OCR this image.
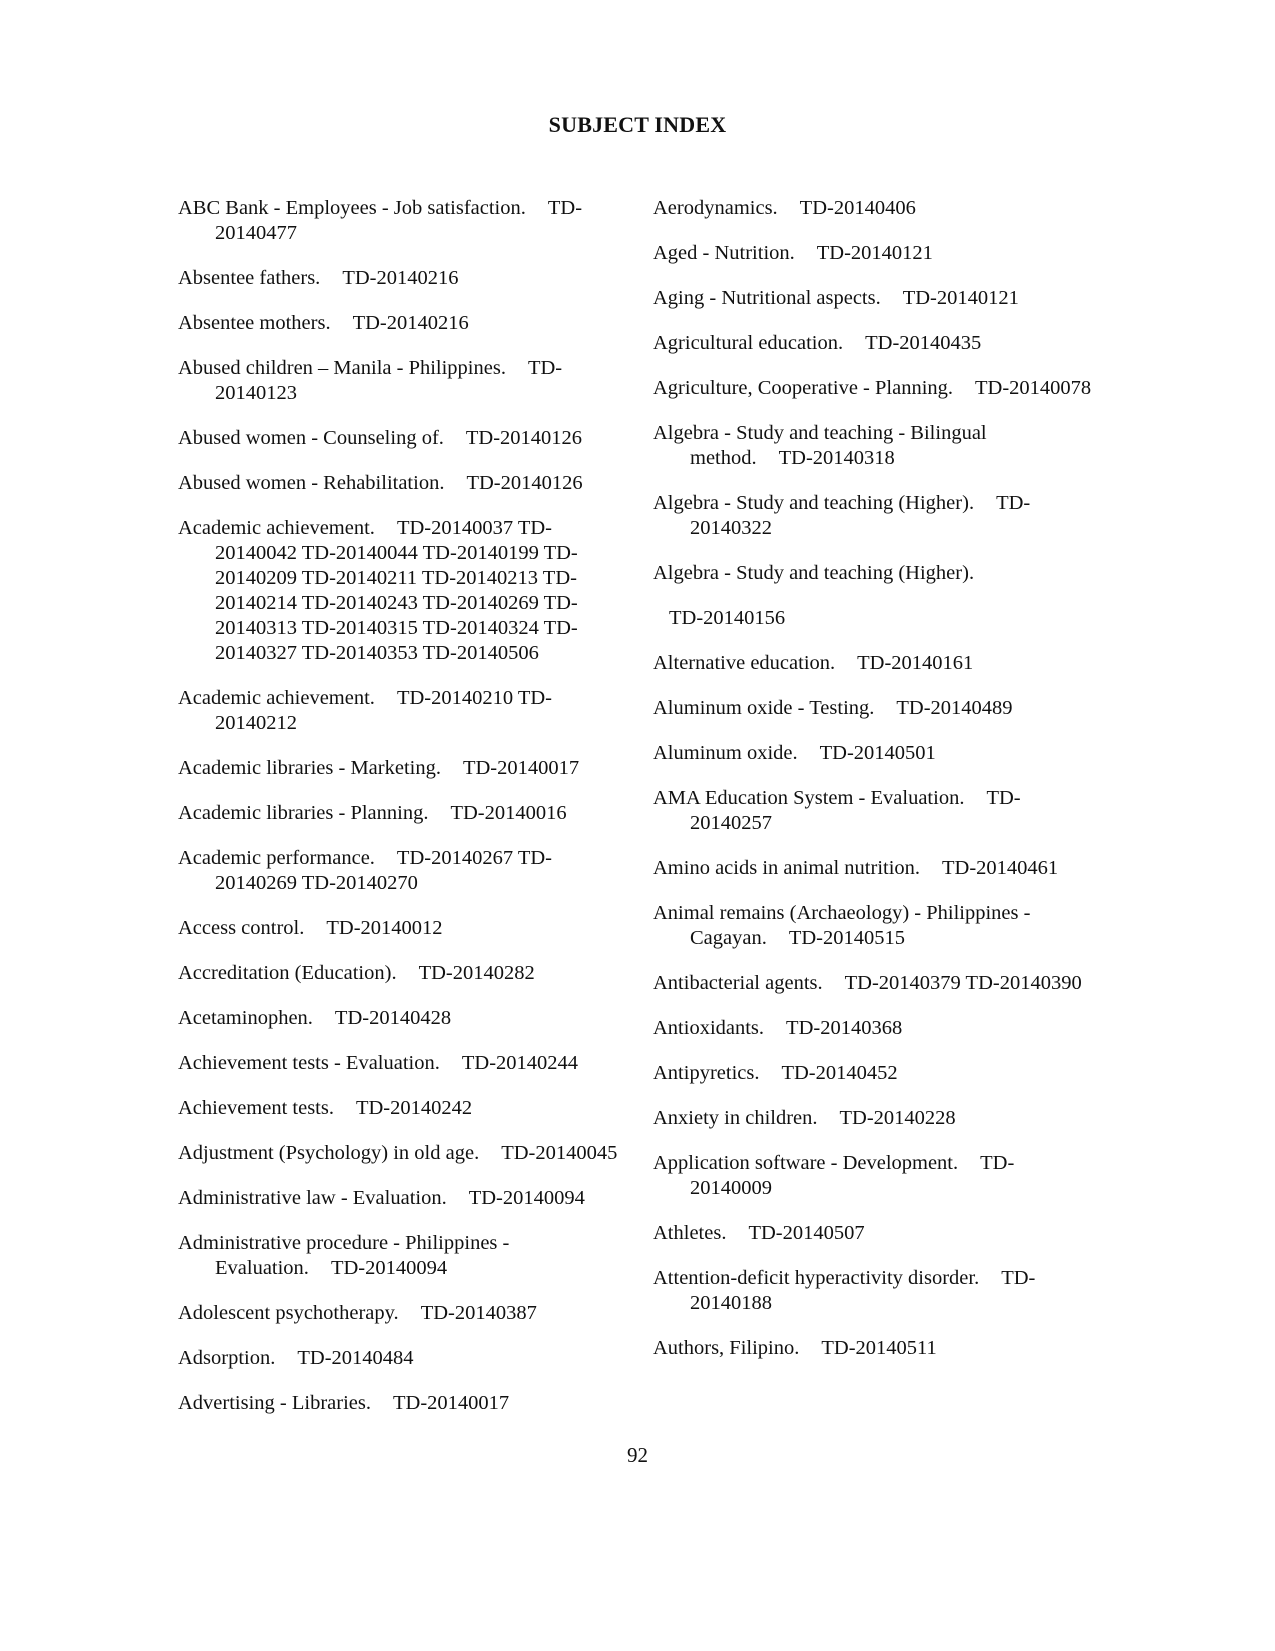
SUBJECT INDEX

ABC Bank - Employees - Job satisfaction. TD-20140477

Absentee fathers. TD-20140216

Absentee mothers. TD-20140216

Abused children – Manila - Philippines. TD-20140123

Abused women - Counseling of. TD-20140126

Abused women - Rehabilitation. TD-20140126

Academic achievement. TD-20140037 TD-20140042 TD-20140044 TD-20140199 TD-20140209 TD-20140211 TD-20140213 TD-20140214 TD-20140243 TD-20140269 TD-20140313 TD-20140315 TD-20140324 TD-20140327 TD-20140353 TD-20140506

Academic achievement. TD-20140210 TD-20140212

Academic libraries - Marketing. TD-20140017

Academic libraries - Planning. TD-20140016

Academic performance. TD-20140267 TD-20140269 TD-20140270

Access control. TD-20140012

Accreditation (Education). TD-20140282

Acetaminophen. TD-20140428

Achievement tests - Evaluation. TD-20140244

Achievement tests. TD-20140242

Adjustment (Psychology) in old age. TD-20140045

Administrative law - Evaluation. TD-20140094

Administrative procedure - Philippines - Evaluation. TD-20140094

Adolescent psychotherapy. TD-20140387

Adsorption. TD-20140484

Advertising - Libraries. TD-20140017

Aerodynamics. TD-20140406

Aged - Nutrition. TD-20140121

Aging - Nutritional aspects. TD-20140121

Agricultural education. TD-20140435

Agriculture, Cooperative - Planning. TD-20140078

Algebra - Study and teaching - Bilingual method. TD-20140318

Algebra - Study and teaching (Higher). TD-20140322

Algebra - Study and teaching (Higher).

TD-20140156

Alternative education. TD-20140161

Aluminum oxide - Testing. TD-20140489

Aluminum oxide. TD-20140501

AMA Education System - Evaluation. TD-20140257

Amino acids in animal nutrition. TD-20140461

Animal remains (Archaeology) - Philippines - Cagayan. TD-20140515

Antibacterial agents. TD-20140379 TD-20140390

Antioxidants. TD-20140368

Antipyretics. TD-20140452

Anxiety in children. TD-20140228

Application software - Development. TD-20140009

Athletes. TD-20140507

Attention-deficit hyperactivity disorder. TD-20140188

Authors, Filipino. TD-20140511

92
